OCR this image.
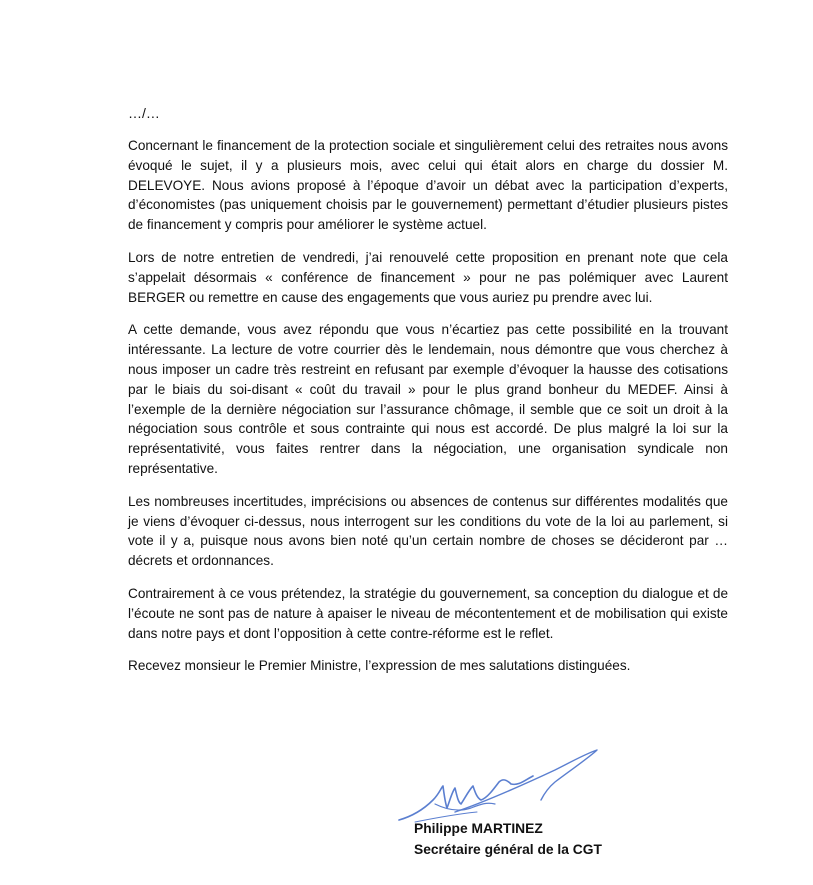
…/…

Concernant le financement de la protection sociale et singulièrement celui des retraites nous avons évoqué le sujet, il y a plusieurs mois, avec celui qui était alors en charge du dossier M. DELEVOYE. Nous avions proposé à l’époque d’avoir un débat avec la participation d’experts, d’économistes (pas uniquement choisis par le gouvernement) permettant d’étudier plusieurs pistes de financement y compris pour améliorer le système actuel.

Lors de notre entretien de vendredi, j’ai renouvelé cette proposition en prenant note que cela s’appelait désormais « conférence de financement » pour ne pas polémiquer avec Laurent BERGER ou remettre en cause des engagements que vous auriez pu prendre avec lui.

A cette demande, vous avez répondu que vous n’écartiez pas cette possibilité en la trouvant intéressante. La lecture de votre courrier dès le lendemain, nous démontre que vous cherchez à nous imposer un cadre très restreint en refusant par exemple d’évoquer la hausse des cotisations par le biais du soi-disant « coût du travail » pour le plus grand bonheur du MEDEF. Ainsi à l’exemple de la dernière négociation sur l’assurance chômage, il semble que ce soit un droit à la négociation sous contrôle et sous contrainte qui nous est accordé. De plus malgré la loi sur la représentativité, vous faites rentrer dans la négociation, une organisation syndicale non représentative.

Les nombreuses incertitudes, imprécisions ou absences de contenus sur différentes modalités que je viens d’évoquer ci-dessus, nous interrogent sur les conditions du vote de la loi au parlement, si vote il y a, puisque nous avons bien noté qu’un certain nombre de choses se décideront par … décrets et ordonnances.

Contrairement à ce vous prétendez, la stratégie du gouvernement, sa conception du dialogue et de l’écoute ne sont pas de nature à apaiser le niveau de mécontentement et de mobilisation qui existe dans notre pays et dont l’opposition à cette contre-réforme est le reflet.

Recevez monsieur le Premier Ministre, l’expression de mes salutations distinguées.

Philippe MARTINEZ
Secrétaire général de la CGT
